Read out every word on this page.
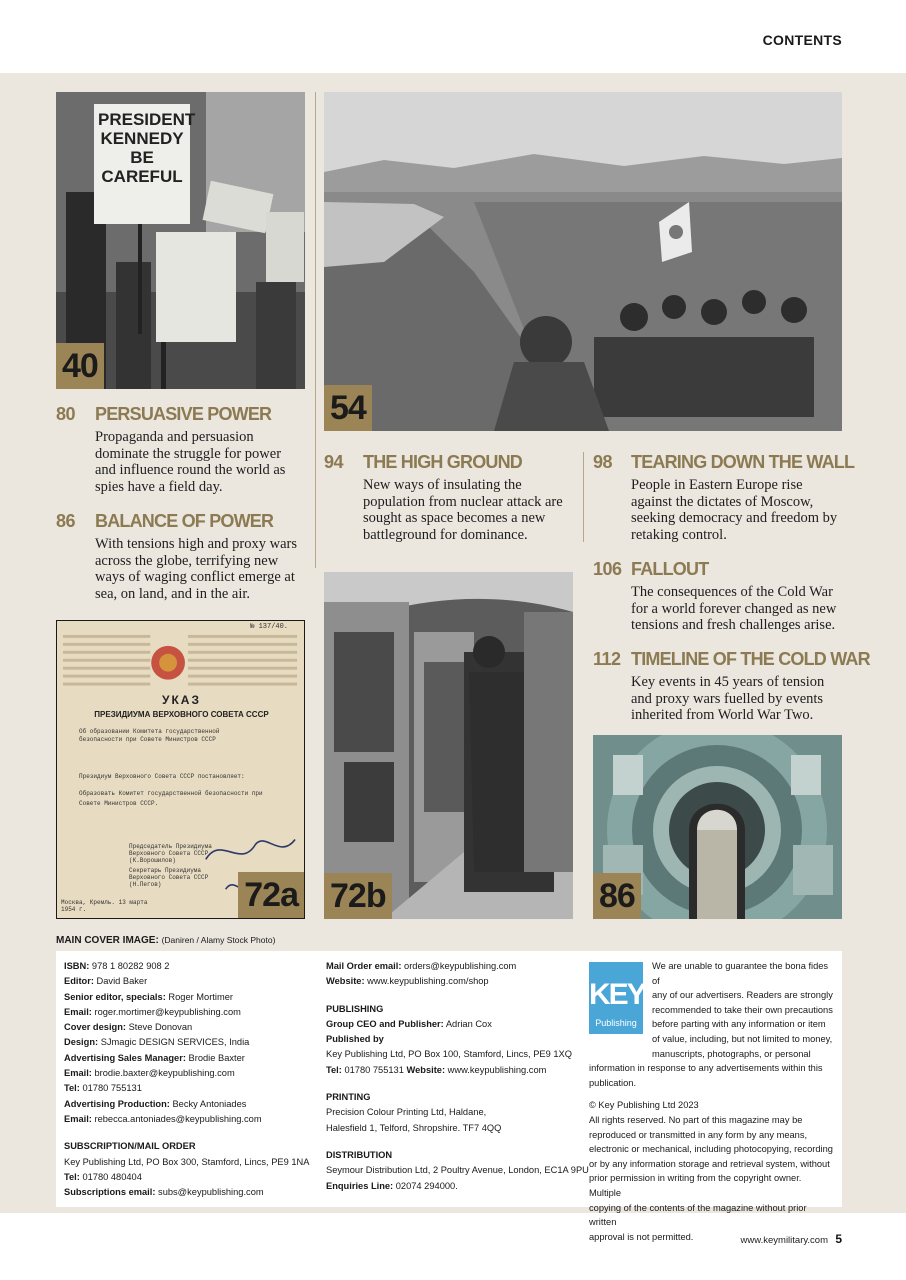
CONTENTS
PRESIDENT KENNEDY BE CAREFUL
40
54
80 PERSUASIVE POWER
Propaganda and persuasion dominate the struggle for power and influence round the world as spies have a field day.
86 BALANCE OF POWER
With tensions high and proxy wars across the globe, terrifying new ways of waging conflict emerge at sea, on land, and in the air.
94 THE HIGH GROUND
New ways of insulating the population from nuclear attack are sought as space becomes a new battleground for dominance.
98 TEARING DOWN THE WALL
People in Eastern Europe rise against the dictates of Moscow, seeking democracy and freedom by retaking control.
106 FALLOUT
The consequences of the Cold War for a world forever changed as new tensions and fresh challenges arise.
112 TIMELINE OF THE COLD WAR
Key events in 45 years of tension and proxy wars fuelled by events inherited from World War Two.
№ 137/40.
УКАЗ
ПРЕЗИДИУМА ВЕРХОВНОГО СОВЕТА СССР
Об образовании Комитета государственной безопасности при Совете Министров СССР
Президиум Верховного Совета СССР постановляет:
Образовать Комитет государственной безопасности при Совете Министров СССР.
Председатель Президиума Верховного Совета СССР (К.Ворошилов)
Секретарь Президиума Верховного Совета СССР (Н.Пегов)
Москва, Кремль. 13 марта 1954 г.	72a 72b	86
MAIN COVER IMAGE: (Daniren / Alamy Stock Photo)
ISBN: 978 1 80282 908 2
Editor: David Baker
Senior editor, specials: Roger Mortimer
Email: roger.mortimer@keypublishing.com
Cover design: Steve Donovan
Design: SJmagic DESIGN SERVICES, India
Advertising Sales Manager: Brodie Baxter
Email: brodie.baxter@keypublishing.com
Tel: 01780 755131
Advertising Production: Becky Antoniades
Email: rebecca.antoniades@keypublishing.com
SUBSCRIPTION/MAIL ORDER
Key Publishing Ltd, PO Box 300, Stamford, Lincs, PE9 1NA
Tel: 01780 480404
Subscriptions email: subs@keypublishing.com
Mail Order email: orders@keypublishing.com
Website: www.keypublishing.com/shop
PUBLISHING
Group CEO and Publisher: Adrian Cox
Published by
Key Publishing Ltd, PO Box 100, Stamford, Lincs, PE9 1XQ
Tel: 01780 755131 Website: www.keypublishing.com
PRINTING
Precision Colour Printing Ltd, Haldane,
Halesfield 1, Telford, Shropshire. TF7 4QQ
DISTRIBUTION
Seymour Distribution Ltd, 2 Poultry Avenue, London, EC1A 9PU
Enquiries Line: 02074 294000.
KEY
Publishing
We are unable to guarantee the bona fides of
any of our advertisers. Readers are strongly
recommended to take their own precautions
before parting with any information or item
of value, including, but not limited to money,
manuscripts, photographs, or personal
information in response to any advertisements within this
publication.
© Key Publishing Ltd 2023
All rights reserved. No part of this magazine may be
reproduced or transmitted in any form by any means,
electronic or mechanical, including photocopying, recording
or by any information storage and retrieval system, without
prior permission in writing from the copyright owner. Multiple
copying of the contents of the magazine without prior written
approval is not permitted.	www.keymilitary.com 5
